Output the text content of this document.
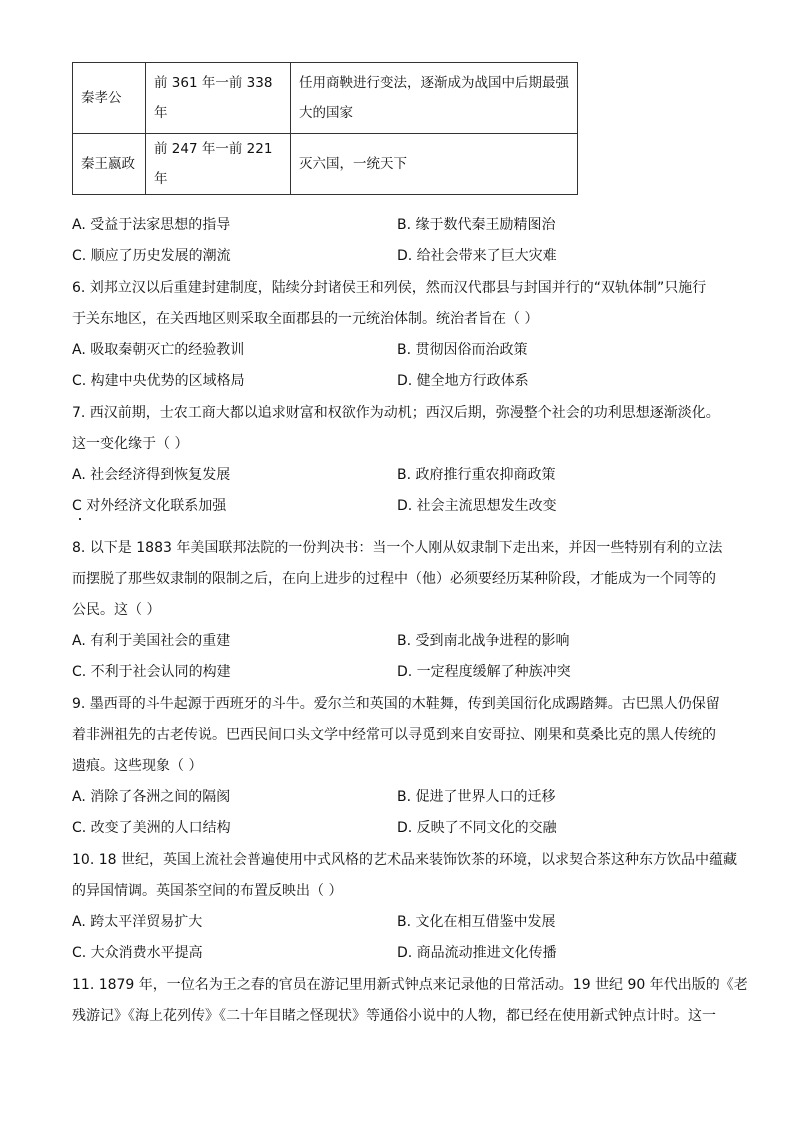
秦孝公	前 361 年一前 338 年	任用商鞅进行变法，逐渐成为战国中后期最强
大的国家

秦王嬴政	前 247 年一前 221 年	灭六国，一统天下
A. 受益于法家思想的指导	B. 缘于数代秦王励精图治
C. 顺应了历史发展的潮流	D. 给社会带来了巨大灾难
6. 刘邦立汉以后重建封建制度，陆续分封诸侯王和列侯，然而汉代郡县与封国并行的“双轨体制”只施行
于关东地区，在关西地区则采取全面郡县的一元统治体制。统治者旨在（ ）
A. 吸取秦朝灭亡的经验教训	B. 贯彻因俗而治政策
C. 构建中央优势的区域格局	D. 健全地方行政体系
7. 西汉前期，士农工商大都以追求财富和权欲作为动机；西汉后期，弥漫整个社会的功利思想逐渐淡化。
这一变化缘于（ ）
A. 社会经济得到恢复发展	B. 政府推行重农抑商政策
C 对外经济文化联系加强	D. 社会主流思想发生改变
8. 以下是 1883 年美国联邦法院的一份判决书：当一个人刚从奴隶制下走出来，并因一些特别有利的立法
而摆脱了那些奴隶制的限制之后，在向上进步的过程中（他）必须要经历某种阶段，才能成为一个同等的
公民。这（ ）
A. 有利于美国社会的重建	B. 受到南北战争进程的影响
C. 不利于社会认同的构建	D. 一定程度缓解了种族冲突
9. 墨西哥的斗牛起源于西班牙的斗牛。爱尔兰和英国的木鞋舞，传到美国衍化成踢踏舞。古巴黑人仍保留
着非洲祖先的古老传说。巴西民间口头文学中经常可以寻觅到来自安哥拉、刚果和莫桑比克的黑人传统的
遗痕。这些现象（ ）
A. 消除了各洲之间的隔阂	B. 促进了世界人口的迁移
C. 改变了美洲的人口结构	D. 反映了不同文化的交融
10. 18 世纪，英国上流社会普遍使用中式风格的艺术品来装饰饮茶的环境，以求契合茶这种东方饮品中蕴藏
的异国情调。英国茶空间的布置反映出（ ）
A. 跨太平洋贸易扩大	B. 文化在相互借鉴中发展
C. 大众消费水平提高	D. 商品流动推进文化传播
11. 1879 年，一位名为王之春的官员在游记里用新式钟点来记录他的日常活动。19 世纪 90 年代出版的《老
残游记》《海上花列传》《二十年目睹之怪现状》等通俗小说中的人物，都已经在使用新式钟点计时。这一
